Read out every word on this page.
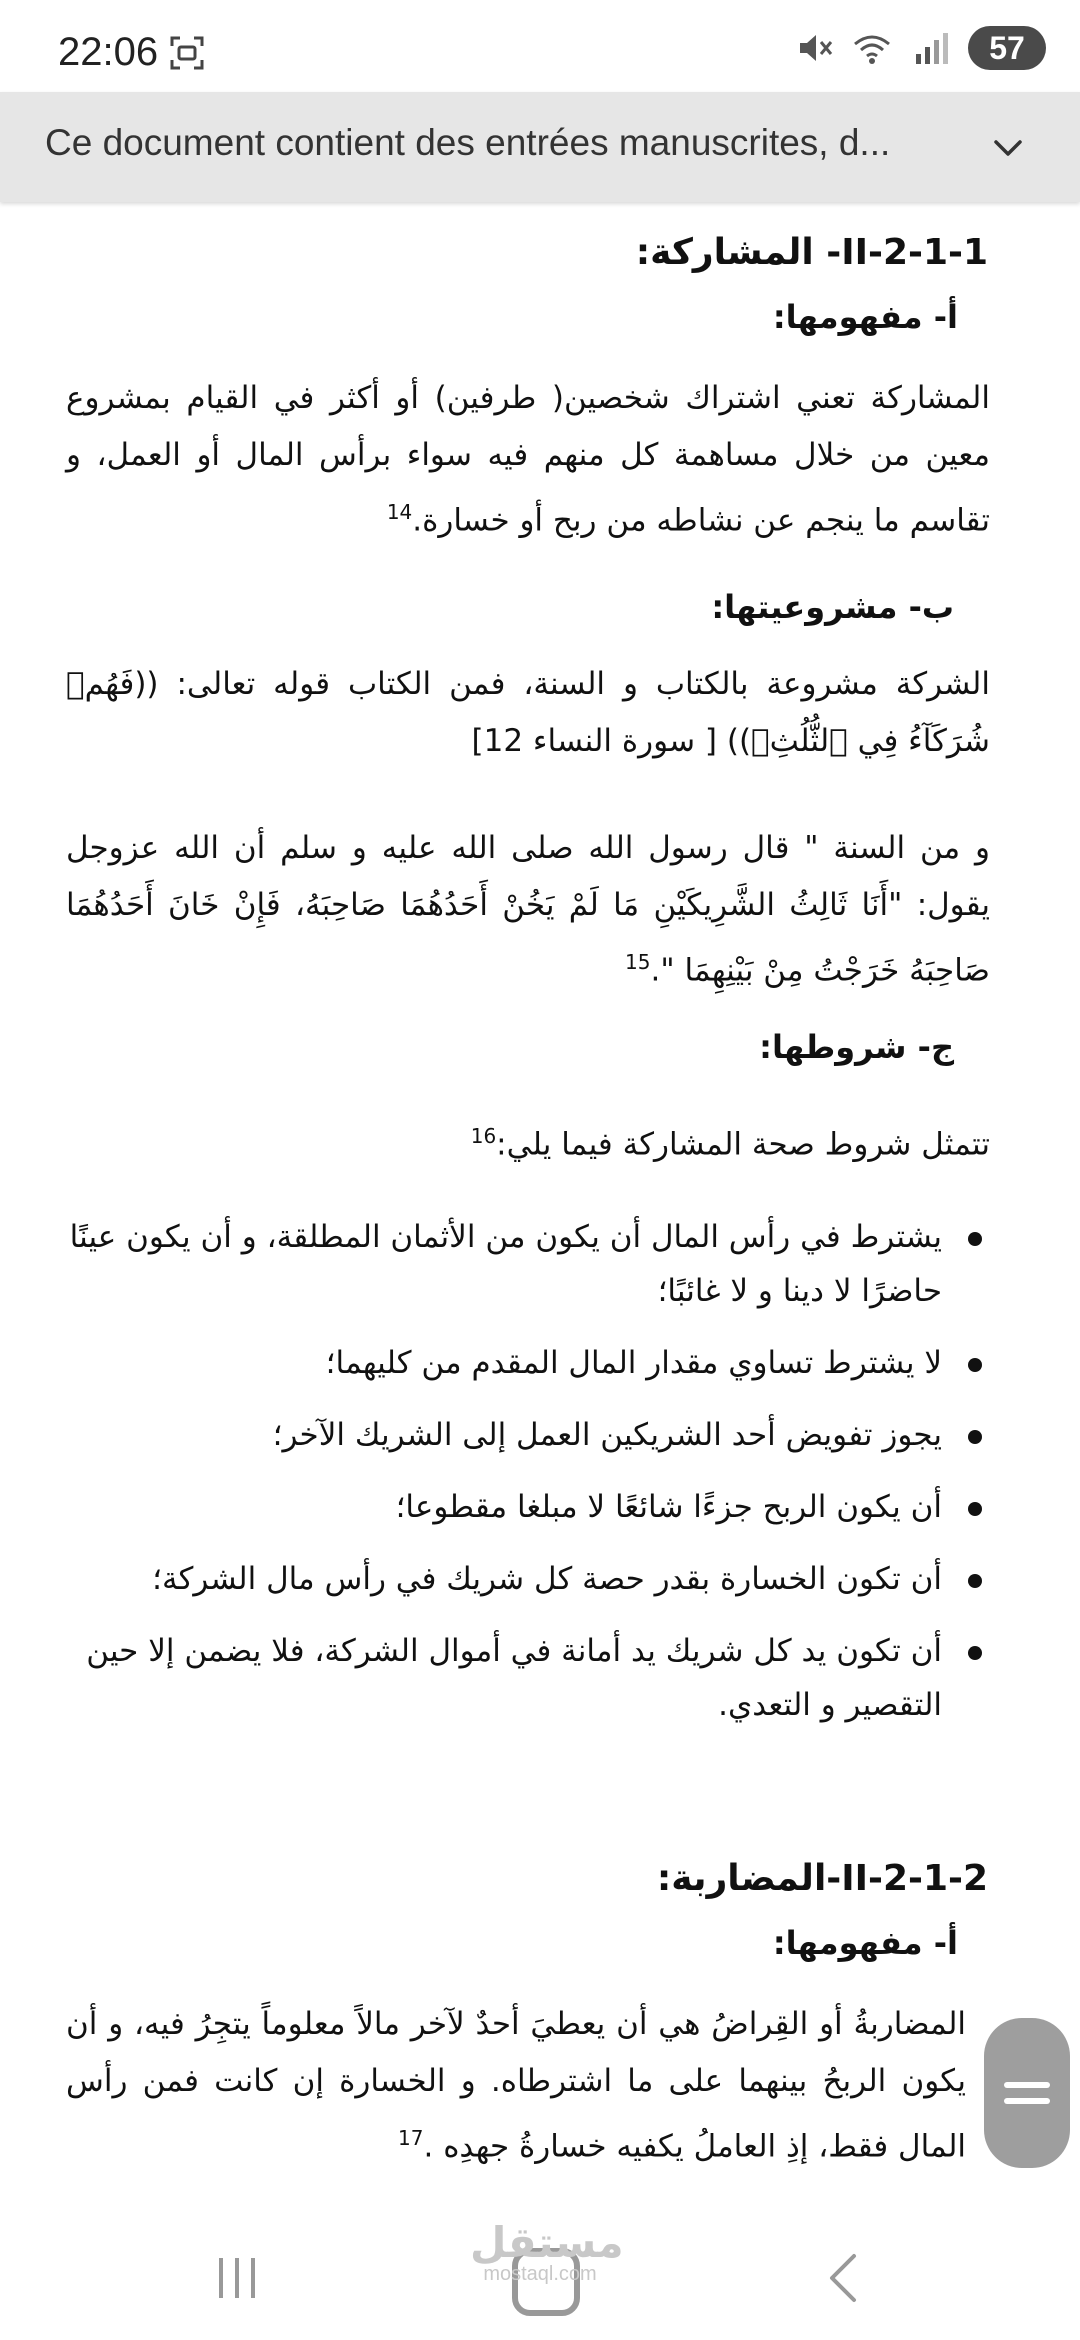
22:06	57
Ce document contient des entrées manuscrites, d...
II-2-1-1- المشاركة:
أ- مفهومها:
المشاركة تعني اشتراك شخصين( طرفين) أو أكثر في القيام بمشروع معين من خلال مساهمة كل منهم فيه سواء برأس المال أو العمل، و تقاسم ما ينجم عن نشاطه من ربح أو خسارة.$^{14}$
ب- مشروعيتها:
الشركة مشروعة بالكتاب و السنة، فمن الكتاب قوله تعالى: ((فَهُمۡ شُرَكَآءُ فِي ٱلثُّلُثِۚ)) [ سورة النساء 12]
و من السنة " قال رسول الله صلى الله عليه و سلم أن الله عزوجل يقول: "أَنَا ثَالِثُ الشَّرِيكَيْنِ مَا لَمْ يَخُنْ أَحَدُهُمَا صَاحِبَهُ، فَإِنْ خَانَ أَحَدُهُمَا صَاحِبَهُ خَرَجْتُ مِنْ بَيْنِهِمَا ".$^{15}$
ج- شروطها:
تتمثل شروط صحة المشاركة فيما يلي:$^{16}$
يشترط في رأس المال أن يكون من الأثمان المطلقة، و أن يكون عينًا حاضرًا لا دينا و لا غائبًا؛
لا يشترط تساوي مقدار المال المقدم من كليهما؛
يجوز تفويض أحد الشريكين العمل إلى الشريك الآخر؛
أن يكون الربح جزءًا شائعًا لا مبلغا مقطوعا؛
أن تكون الخسارة بقدر حصة كل شريك في رأس مال الشركة؛
أن تكون يد كل شريك يد أمانة في أموال الشركة، فلا يضمن إلا حين التقصير و التعدي.
II-2-1-2-المضاربة:
أ- مفهومها:
المضاربةُ أو القِراضُ هي أن يعطيَ أحدٌ لآخر مالاً معلوماً يتجِرُ فيه، و أن يكون الربحُ بينهما على ما اشترطاه. و الخسارة إن كانت فمن رأس المال فقط، إذِ العاملُ يكفيه خسارةُ جهدِه .$^{17}$
مستقل
mostaql.com
